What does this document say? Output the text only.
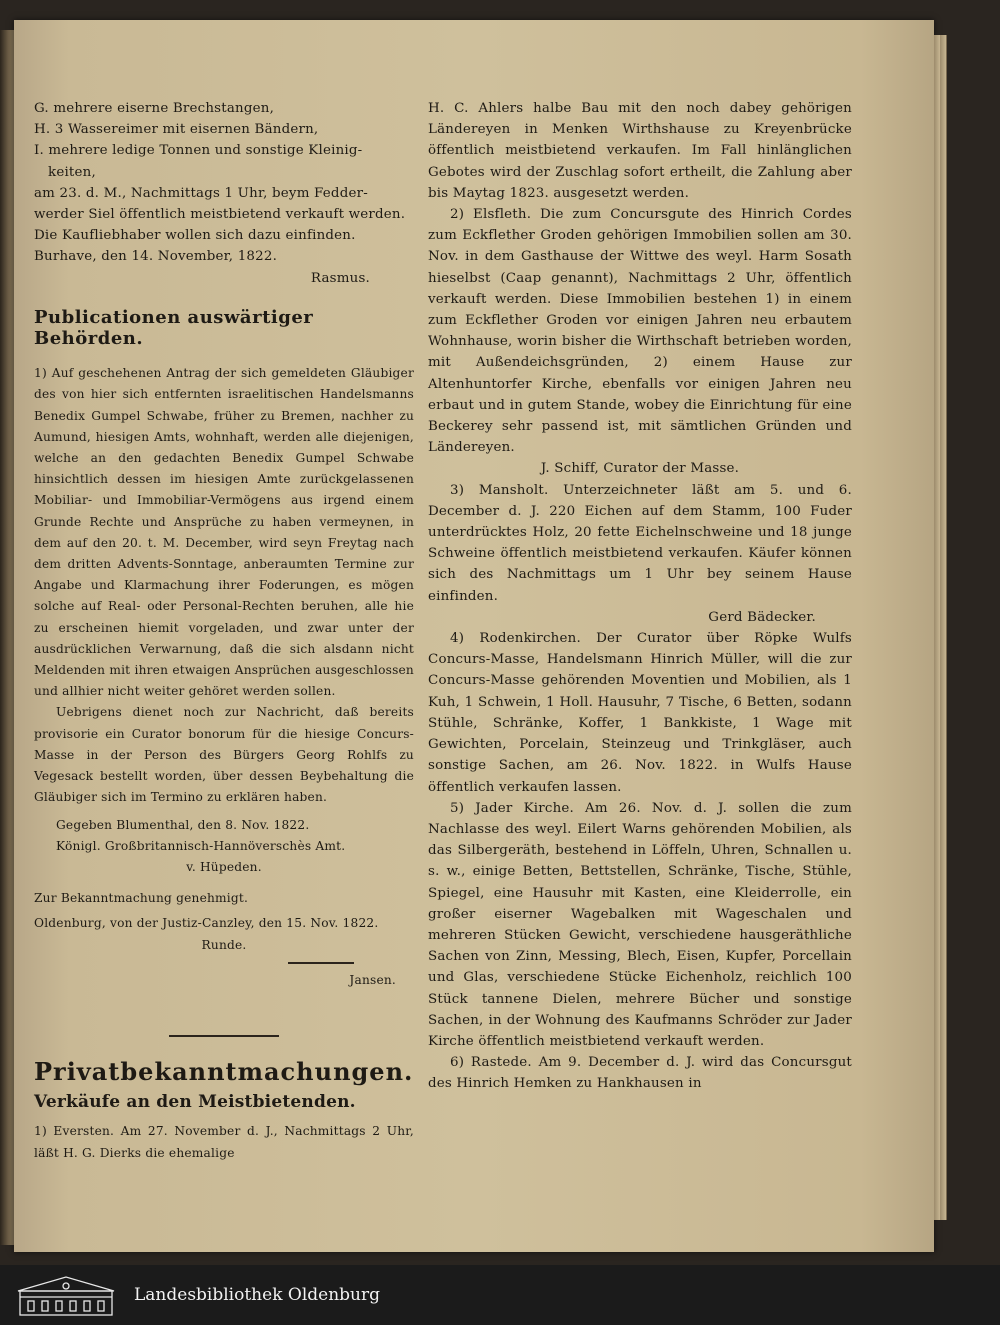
G. mehrere eiserne Brechstangen,

H. 3 Wassereimer mit eisernen Bändern,

I. mehrere ledige Tonnen und sonstige Kleinig-

keiten,

am 23. d. M., Nachmittags 1 Uhr, beym Fedder-

werder Siel öffentlich meistbietend verkauft werden.

Die Kaufliebhaber wollen sich dazu einfinden.

Burhave, den 14. November, 1822.

Rasmus.

Publicationen auswärtiger Behörden.

1) Auf geschehenen Antrag der sich gemeldeten Gläubiger des von hier sich entfernten israelitischen Handelsmanns Benedix Gumpel Schwabe, früher zu Bremen, nachher zu Aumund, hiesigen Amts, wohnhaft, werden alle diejenigen, welche an den gedachten Benedix Gumpel Schwabe hinsichtlich dessen im hiesigen Amte zurückgelassenen Mobiliar- und Immobiliar-Vermögens aus irgend einem Grunde Rechte und Ansprüche zu haben vermeynen, in dem auf den 20. t. M. December, wird seyn Freytag nach dem dritten Advents-Sonntage, anberaumten Termine zur Angabe und Klarmachung ihrer Foderungen, es mögen solche auf Real- oder Personal-Rechten beruhen, alle hie zu erscheinen hiemit vorgeladen, und zwar unter der ausdrücklichen Verwarnung, daß die sich alsdann nicht Meldenden mit ihren etwaigen Ansprüchen ausgeschlossen und allhier nicht weiter gehöret werden sollen.

Uebrigens dienet noch zur Nachricht, daß bereits provisorie ein Curator bonorum für die hiesige Concurs-Masse in der Person des Bürgers Georg Rohlfs zu Vegesack bestellt worden, über dessen Beybehaltung die Gläubiger sich im Termino zu erklären haben.

Gegeben Blumenthal, den 8. Nov. 1822.

Königl. Großbritannisch-Hannöverschès Amt.

v. Hüpeden.

Zur Bekanntmachung genehmigt.

Oldenburg, von der Justiz-Canzley, den 15. Nov. 1822.

Runde.

Jansen.

Privatbekanntmachungen.

Verkäufe an den Meistbietenden.

1) Eversten. Am 27. November d. J., Nachmittags 2 Uhr, läßt H. G. Dierks die ehemalige

H. C. Ahlers halbe Bau mit den noch dabey gehörigen Ländereyen in Menken Wirthshause zu Kreyenbrücke öffentlich meistbietend verkaufen. Im Fall hinlänglichen Gebotes wird der Zuschlag sofort ertheilt, die Zahlung aber bis Maytag 1823. ausgesetzt werden.

2) Elsfleth. Die zum Concursgute des Hinrich Cordes zum Eckflether Groden gehörigen Immobilien sollen am 30. Nov. in dem Gasthause der Wittwe des weyl. Harm Sosath hieselbst (Caap genannt), Nachmittags 2 Uhr, öffentlich verkauft werden. Diese Immobilien bestehen 1) in einem zum Eckflether Groden vor einigen Jahren neu erbautem Wohnhause, worin bisher die Wirthschaft betrieben worden, mit Außendeichsgründen, 2) einem Hause zur Altenhuntorfer Kirche, ebenfalls vor einigen Jahren neu erbaut und in gutem Stande, wobey die Einrichtung für eine Beckerey sehr passend ist, mit sämtlichen Gründen und Ländereyen.

J. Schiff, Curator der Masse.

3) Mansholt. Unterzeichneter läßt am 5. und 6. December d. J. 220 Eichen auf dem Stamm, 100 Fuder unterdrücktes Holz, 20 fette Eichelnschweine und 18 junge Schweine öffentlich meistbietend verkaufen. Käufer können sich des Nachmittags um 1 Uhr bey seinem Hause einfinden.

Gerd Bädecker.

4) Rodenkirchen. Der Curator über Röpke Wulfs Concurs-Masse, Handelsmann Hinrich Müller, will die zur Concurs-Masse gehörenden Moventien und Mobilien, als 1 Kuh, 1 Schwein, 1 Holl. Hausuhr, 7 Tische, 6 Betten, sodann Stühle, Schränke, Koffer, 1 Bankkiste, 1 Wage mit Gewichten, Porcelain, Steinzeug und Trinkgläser, auch sonstige Sachen, am 26. Nov. 1822. in Wulfs Hause öffentlich verkaufen lassen.

5) Jader Kirche. Am 26. Nov. d. J. sollen die zum Nachlasse des weyl. Eilert Warns gehörenden Mobilien, als das Silbergeräth, bestehend in Löffeln, Uhren, Schnallen u. s. w., einige Betten, Bettstellen, Schränke, Tische, Stühle, Spiegel, eine Hausuhr mit Kasten, eine Kleiderrolle, ein großer eiserner Wagebalken mit Wageschalen und mehreren Stücken Gewicht, verschiedene hausgeräthliche Sachen von Zinn, Messing, Blech, Eisen, Kupfer, Porcellain und Glas, verschiedene Stücke Eichenholz, reichlich 100 Stück tannene Dielen, mehrere Bücher und sonstige Sachen, in der Wohnung des Kaufmanns Schröder zur Jader Kirche öffentlich meistbietend verkauft werden.

6) Rastede. Am 9. December d. J. wird das Concursgut des Hinrich Hemken zu Hankhausen in

Landesbibliothek Oldenburg
